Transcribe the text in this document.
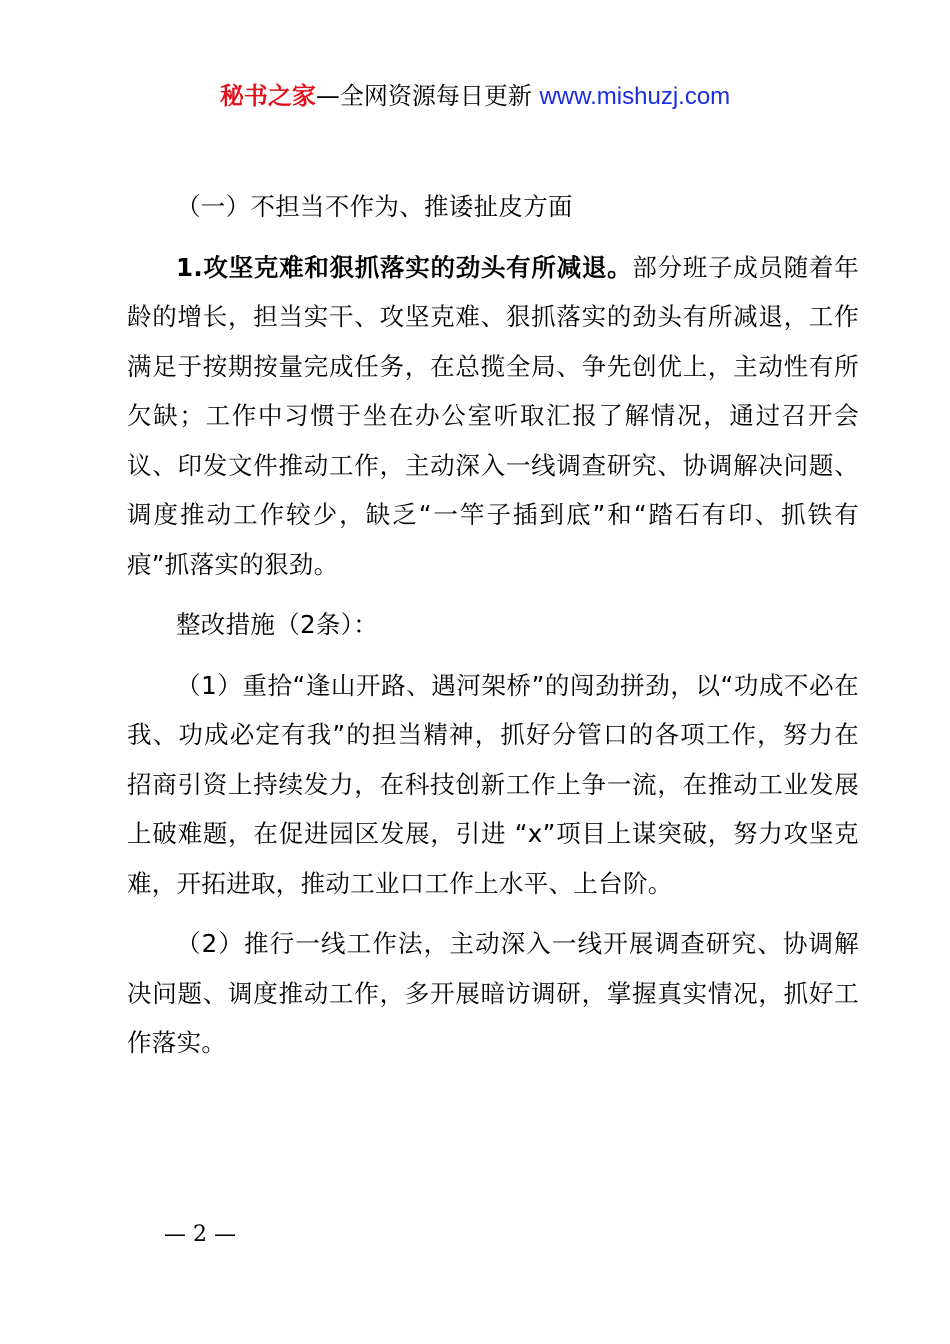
秘书之家—全网资源每日更新 www.mishuzj.com

（一）不担当不作为、推诿扯皮方面

1.攻坚克难和狠抓落实的劲头有所减退。部分班子成员随着年龄的增长，担当实干、攻坚克难、狠抓落实的劲头有所减退，工作满足于按期按量完成任务，在总揽全局、争先创优上，主动性有所欠缺；工作中习惯于坐在办公室听取汇报了解情况，通过召开会议、印发文件推动工作，主动深入一线调查研究、协调解决问题、调度推动工作较少，缺乏“一竿子插到底”和“踏石有印、抓铁有痕”抓落实的狠劲。

整改措施（2条）：

（1）重拾“逢山开路、遇河架桥”的闯劲拼劲，以“功成不必在我、功成必定有我”的担当精神，抓好分管口的各项工作，努力在招商引资上持续发力，在科技创新工作上争一流，在推动工业发展上破难题，在促进园区发展，引进 “x”项目上谋突破，努力攻坚克难，开拓进取，推动工业口工作上水平、上台阶。

（2）推行一线工作法，主动深入一线开展调查研究、协调解决问题、调度推动工作，多开展暗访调研，掌握真实情况，抓好工作落实。

— 2 —
